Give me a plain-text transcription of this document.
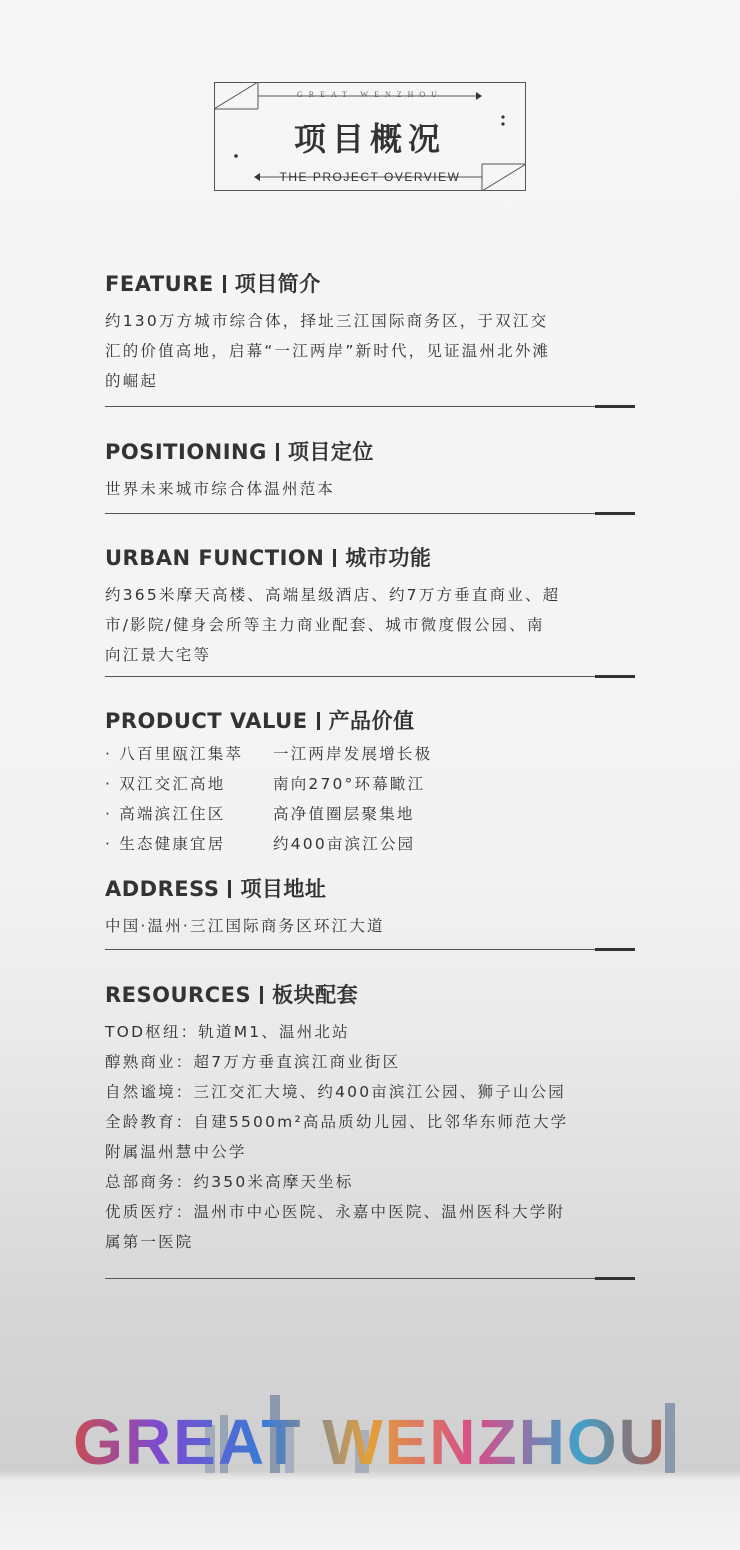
GREAT WENZHOU
项目概况
THE PROJECT OVERVIEW
FEATURE 项目简介
约130万方城市综合体，择址三江国际商务区，于双江交
汇的价值高地，启幕“一江两岸”新时代，见证温州北外滩
的崛起
POSITIONING 项目定位
世界未来城市综合体温州范本
URBAN FUNCTION 城市功能
约365米摩天高楼、高端星级酒店、约7万方垂直商业、超
市/影院/健身会所等主力商业配套、城市微度假公园、南
向江景大宅等
PRODUCT VALUE 产品价值
· 八百里瓯江集萃	一江两岸发展增长极
· 双江交汇高地	南向270°环幕瞰江
· 高端滨江住区	高净值圈层聚集地
· 生态健康宜居	约400亩滨江公园
ADDRESS 项目地址
中国·温州·三江国际商务区环江大道
RESOURCES 板块配套
TOD枢纽：轨道M1、温州北站
醇熟商业：超7万方垂直滨江商业街区
自然谧境：三江交汇大境、约400亩滨江公园、狮子山公园
全龄教育：自建5500m²高品质幼儿园、比邻华东师范大学
附属温州慧中公学
总部商务：约350米高摩天坐标
优质医疗：温州市中心医院、永嘉中医院、温州医科大学附
属第一医院
GREAT WENZHOU
